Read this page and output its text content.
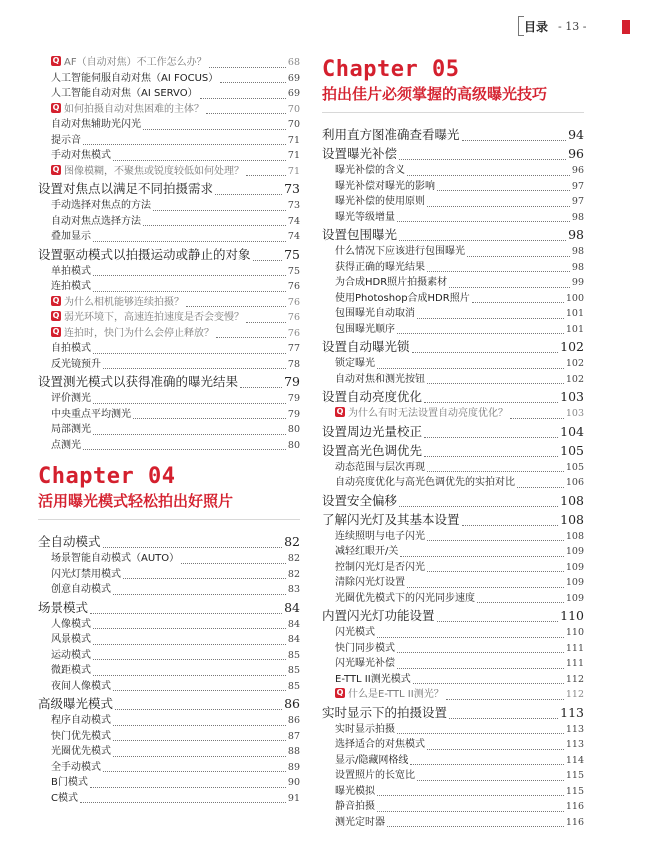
目录 - 13 -
Q AF（自动对焦）不工作怎么办？	68
人工智能伺服自动对焦（AI FOCUS）	69
人工智能自动对焦（AI SERVO）	69
Q 如何拍摄自动对焦困难的主体？	70
自动对焦辅助光闪光	70
提示音	71
手动对焦模式	71
Q 图像模糊，不聚焦或锐度较低如何处理？	71
设置对焦点以满足不同拍摄需求	73
手动选择对焦点的方法	73
自动对焦点选择方法	74
叠加显示	74
设置驱动模式以拍摄运动或静止的对象	75
单拍模式	75
连拍模式	76
Q 为什么相机能够连续拍摄？	76
Q 弱光环境下，高速连拍速度是否会变慢？	76
Q 连拍时，快门为什么会停止释放？	76
自拍模式	77
反光镜预升	78
设置测光模式以获得准确的曝光结果	79
评价测光	79
中央重点平均测光	79
局部测光	80
点测光	80
Chapter 04
活用曝光模式轻松拍出好照片
全自动模式	82
场景智能自动模式（AUTO）	82
闪光灯禁用模式	82
创意自动模式	83
场景模式	84
人像模式	84
风景模式	84
运动模式	85
微距模式	85
夜间人像模式	85
高级曝光模式	86
程序自动模式	86
快门优先模式	87
光圈优先模式	88
全手动模式	89
B门模式	90
C模式	91
Chapter 05
拍出佳片必须掌握的高级曝光技巧
利用直方图准确查看曝光	94
设置曝光补偿	96
曝光补偿的含义	96
曝光补偿对曝光的影响	97
曝光补偿的使用原则	97
曝光等级增量	98
设置包围曝光	98
什么情况下应该进行包围曝光	98
获得正确的曝光结果	98
为合成HDR照片拍摄素材	99
使用Photoshop合成HDR照片	100
包围曝光自动取消	101
包围曝光顺序	101
设置自动曝光锁	102
锁定曝光	102
自动对焦和测光按钮	102
设置自动亮度优化	103
Q 为什么有时无法设置自动亮度优化？	103
设置周边光量校正	104
设置高光色调优先	105
动态范围与层次再现	105
自动亮度优化与高光色调优先的实拍对比	106
设置安全偏移	108
了解闪光灯及其基本设置	108
连续照明与电子闪光	108
减轻红眼开/关	109
控制闪光灯是否闪光	109
清除闪光灯设置	109
光圈优先模式下的闪光同步速度	109
内置闪光灯功能设置	110
闪光模式	110
快门同步模式	111
闪光曝光补偿	111
E-TTL II测光模式	112
Q 什么是E-TTL II测光？	112
实时显示下的拍摄设置	113
实时显示拍摄	113
选择适合的对焦模式	113
显示/隐藏网格线	114
设置照片的长宽比	115
曝光模拟	115
静音拍摄	116
测光定时器	116
